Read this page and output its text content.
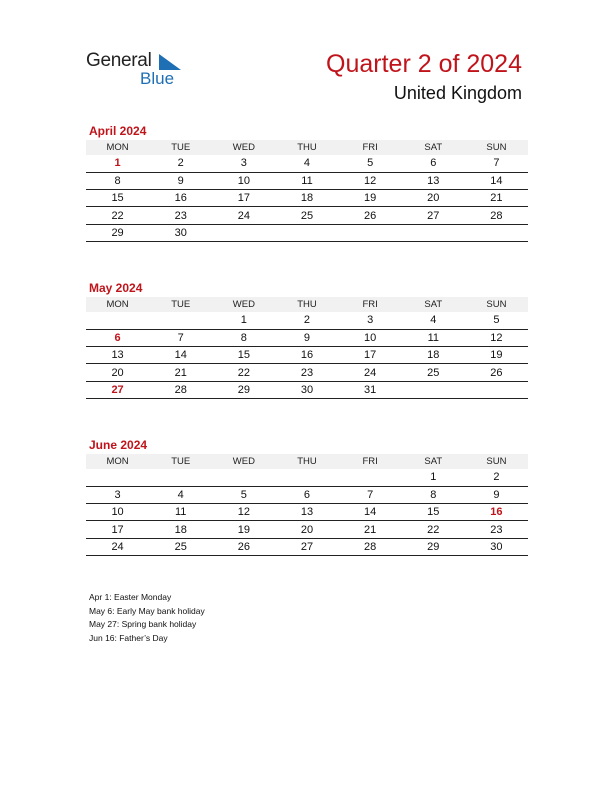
General
Blue
Quarter 2 of 2024
United Kingdom
April 2024
MON	TUE	WED	THU	FRI	SAT	SUN
1	2	3	4	5	6	7
8	9	10	11	12	13	14
15	16	17	18	19	20	21
22	23	24	25	26	27	28
29	30					
May 2024
MON	TUE	WED	THU	FRI	SAT	SUN
		1	2	3	4	5
6	7	8	9	10	11	12
13	14	15	16	17	18	19
20	21	22	23	24	25	26
27	28	29	30	31		
June 2024
MON	TUE	WED	THU	FRI	SAT	SUN
					1	2
3	4	5	6	7	8	9
10	11	12	13	14	15	16
17	18	19	20	21	22	23
24	25	26	27	28	29	30
Apr 1: Easter Monday
May 6: Early May bank holiday
May 27: Spring bank holiday
Jun 16: Father’s Day
